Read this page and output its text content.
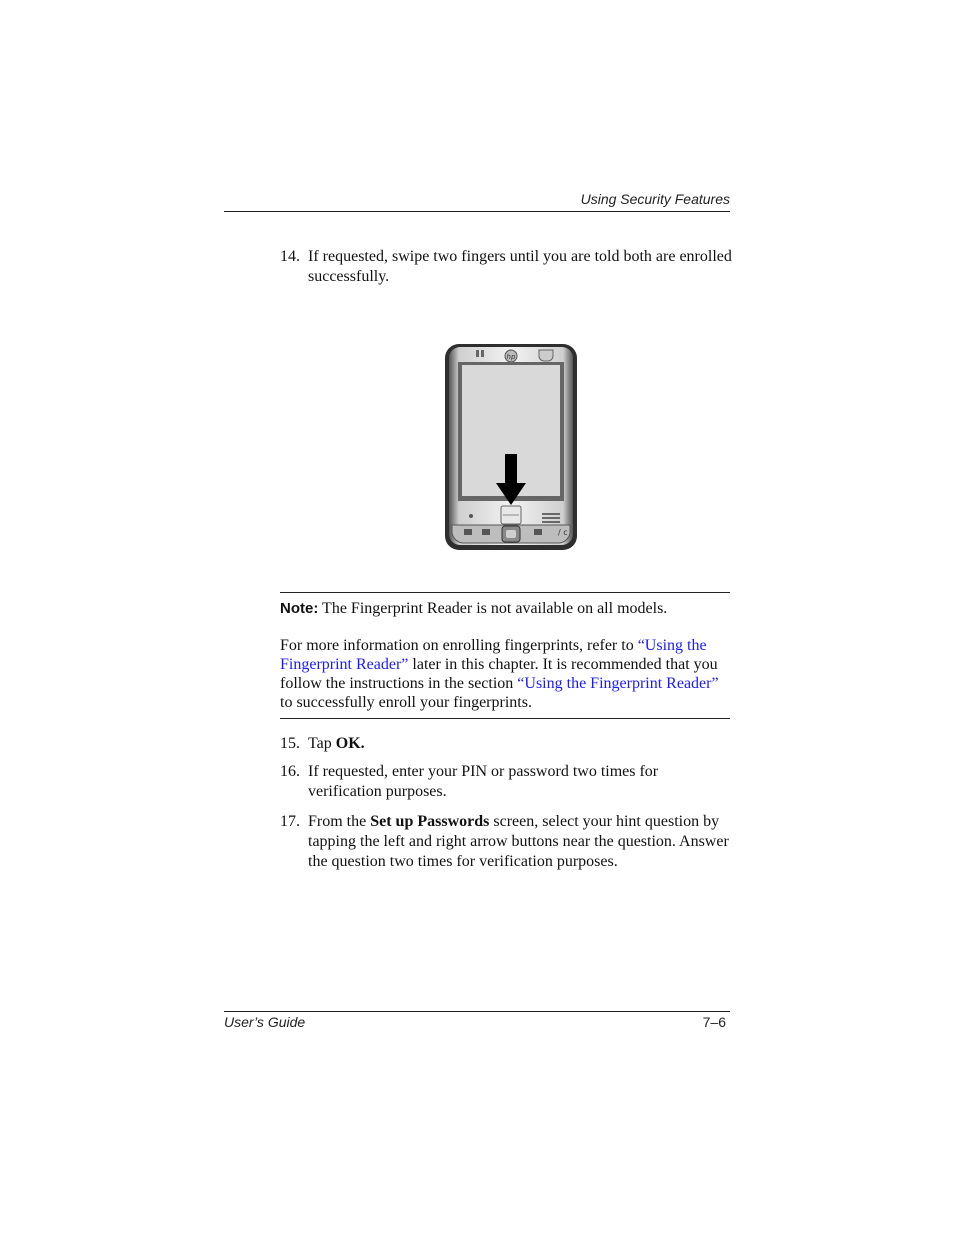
Using Security Features
14. If requested, swipe two fingers until you are told both are enrolled successfully.
hp
/ c
Note: The Fingerprint Reader is not available on all models.
For more information on enrolling fingerprints, refer to “Using the Fingerprint Reader” later in this chapter. It is recommended that you follow the instructions in the section “Using the Fingerprint Reader” to successfully enroll your fingerprints.
15. Tap OK.
16. If requested, enter your PIN or password two times for verification purposes.
17. From the Set up Passwords screen, select your hint question by tapping the left and right arrow buttons near the question. Answer the question two times for verification purposes.
User’s Guide	7–6
